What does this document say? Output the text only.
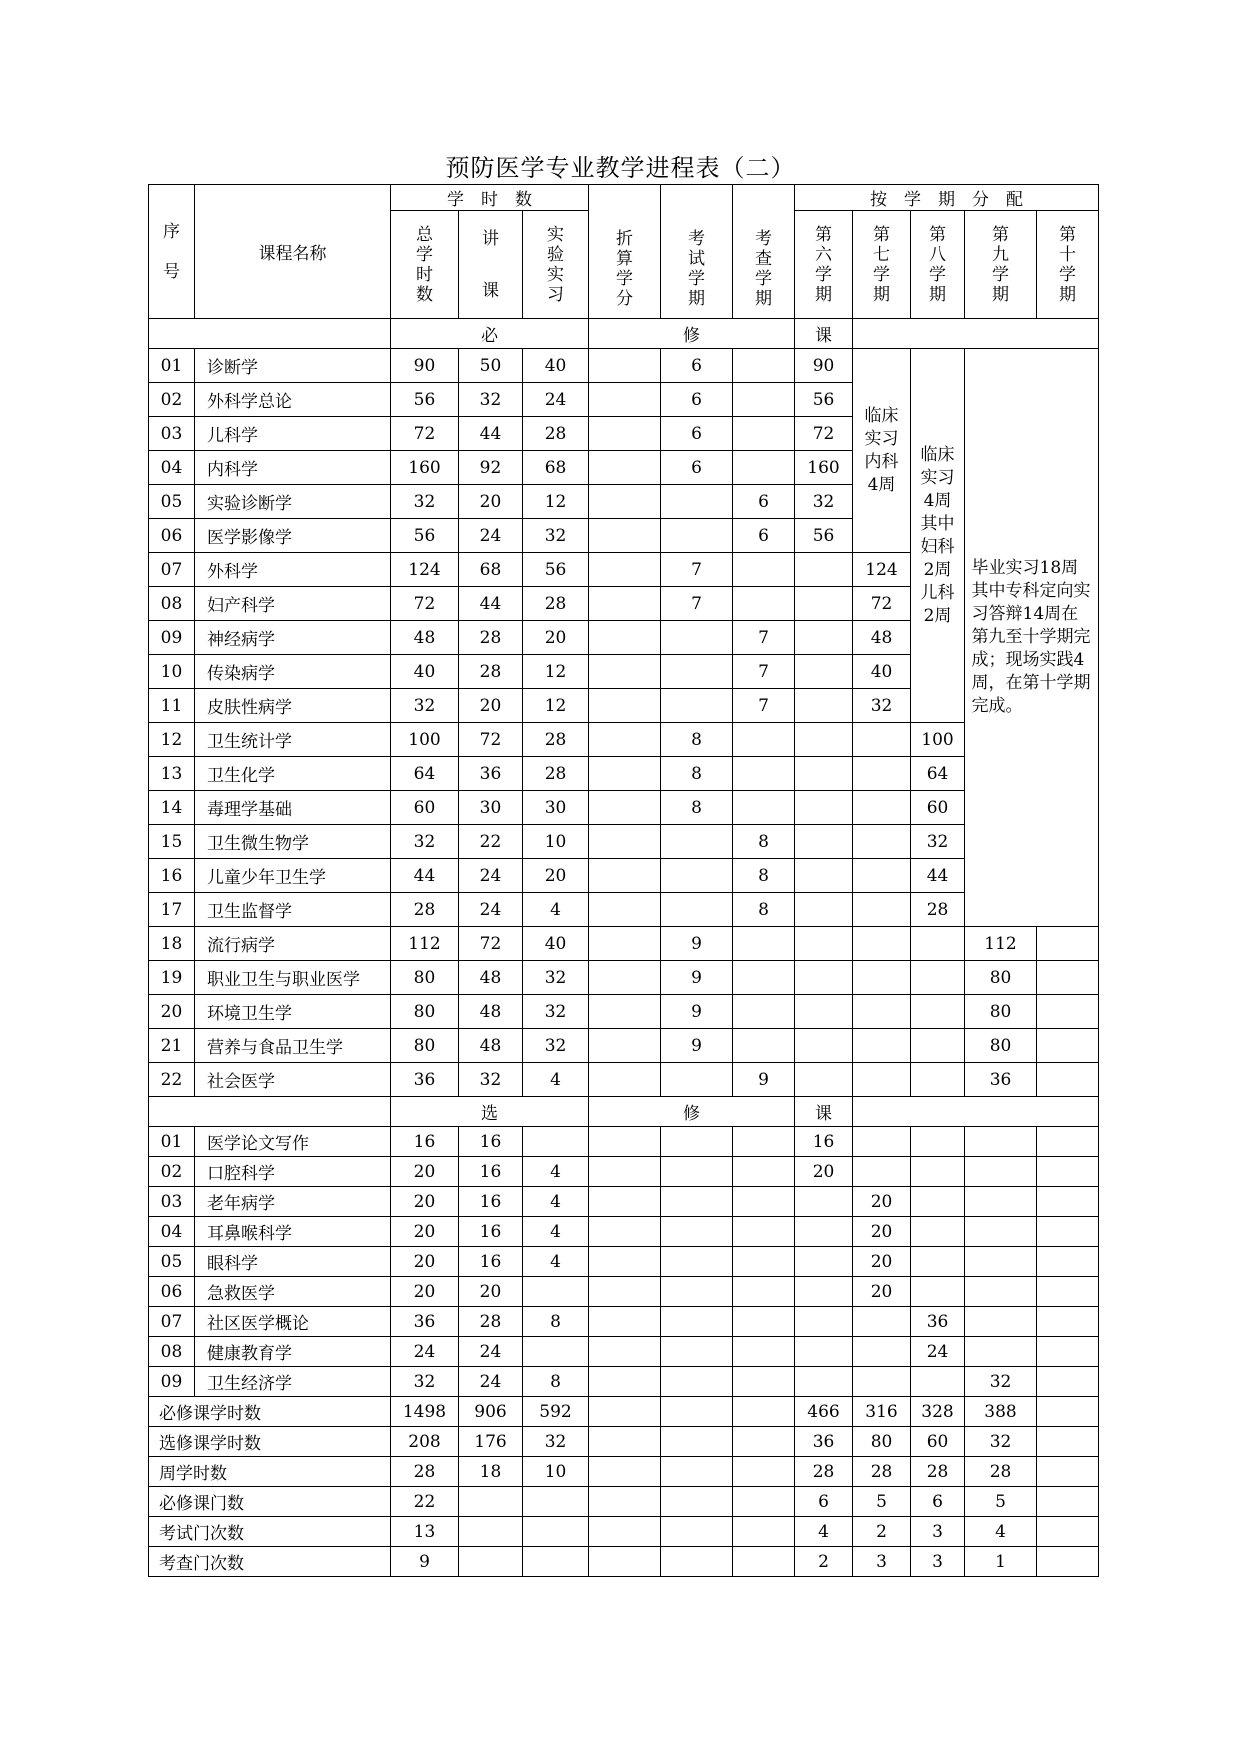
预防医学专业教学进程表（二）
序号	课程名称	学　时　数			折算学分	考试学期	考查学期	按　学　期　分　配				
		总学时数	讲课	实验实习				第六学期	第七学期	第八学期	第九学期	第十学期
		必			修			课				
01	诊断学	90	50	40		6		90	临床实习内科4周	临床实习4周其中妇科2周儿科2周	毕业实习18周其中专科定向实习答辩14周在第九至十学期完成；现场实践4周，在第十学期完成。	
02	外科学总论	56	32	24		6		56				
03	儿科学	72	44	28		6		72				
04	内科学	160	92	68		6		160				
05	实验诊断学	32	20	12			6	32				
06	医学影像学	56	24	32			6	56				
07	外科学	124	68	56		7			124			
08	妇产科学	72	44	28		7			72			
09	神经病学	48	28	20			7		48			
10	传染病学	40	28	12			7		40			
11	皮肤性病学	32	20	12			7		32			
12	卫生统计学	100	72	28		8				100		
13	卫生化学	64	36	28		8				64		
14	毒理学基础	60	30	30		8				60		
15	卫生微生物学	32	22	10			8			32		
16	儿童少年卫生学	44	24	20			8			44		
17	卫生监督学	28	24	4			8			28		
18	流行病学	112	72	40		9					112	
19	职业卫生与职业医学	80	48	32		9					80	
20	环境卫生学	80	48	32		9					80	
21	营养与食品卫生学	80	48	32		9					80	
22	社会医学	36	32	4			9				36	
		选			修			课				
01	医学论文写作	16	16					16				
02	口腔科学	20	16	4				20				
03	老年病学	20	16	4					20			
04	耳鼻喉科学	20	16	4					20			
05	眼科学	20	16	4					20			
06	急救医学	20	20						20			
07	社区医学概论	36	28	8						36		
08	健康教育学	24	24							24		
09	卫生经济学	32	24	8							32	
必修课学时数		1498	906	592				466	316	328	388	
选修课学时数		208	176	32				36	80	60	32	
周学时数		28	18	10				28	28	28	28	
必修课门数		22						6	5	6	5	
考试门次数		13						4	2	3	4	
考查门次数		9						2	3	3	1	
